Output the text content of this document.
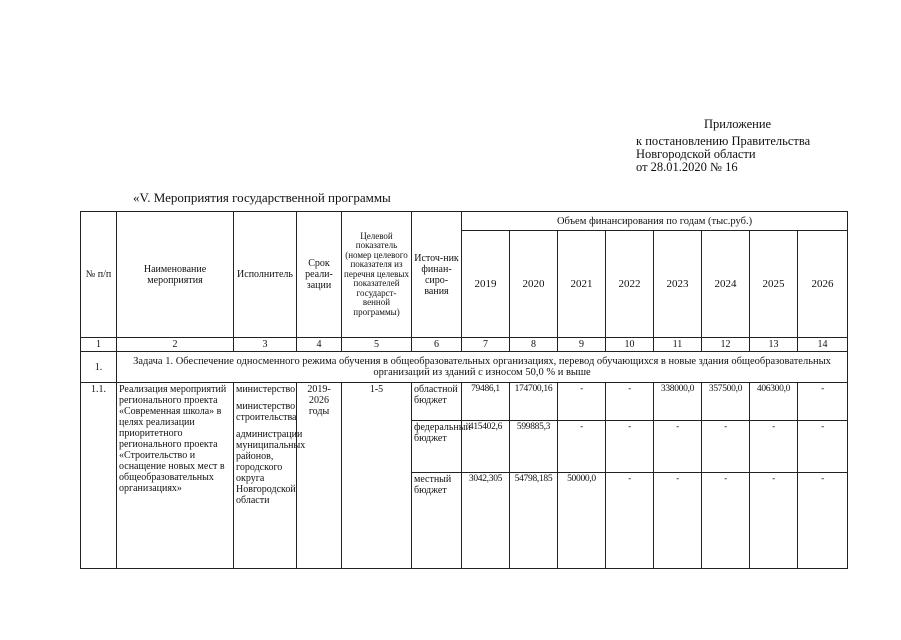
Приложение
к постановлению Правительства
Новгородской области
от 28.01.2020 № 16
«V. Мероприятия государственной программы
№ п/п	Наименование мероприятия	Исполнитель	Срок реали-зации	Целевой показатель (номер целевого показателя из перечня целевых показателей государст-венной программы)	Источ-ник финан-сиро-вания	Объем финансирования по годам (тыс.руб.)							
						2019	2020	2021	2022	2023	2024	2025	2026
1	2	3	4	5	6	7	8	9	10	11	12	13	14
1.	Задача 1. Обеспечение односменного режима обучения в общеобразовательных организациях, перевод обучающихся в новые здания общеобразовательных организаций из зданий с износом 50,0 % и выше												
1.1.	Реализация мероприятий регионального проекта «Современная школа» в целях реализации приоритетного регионального проекта «Строительство и оснащение новых мест в общеобразовательных организациях»	министерство

министерство строительства

администрации муниципальных районов, городского округа Новгородской области	2019-2026 годы	1-5	областной бюджет	79486,1	174700,16	-	-	338000,0	357500,0	406300,0	-
					федеральный бюджет	415402,6	599885,3	-	-	-	-	-	-
					местный бюджет	3042,305	54798,185	50000,0	-	-	-	-	-
